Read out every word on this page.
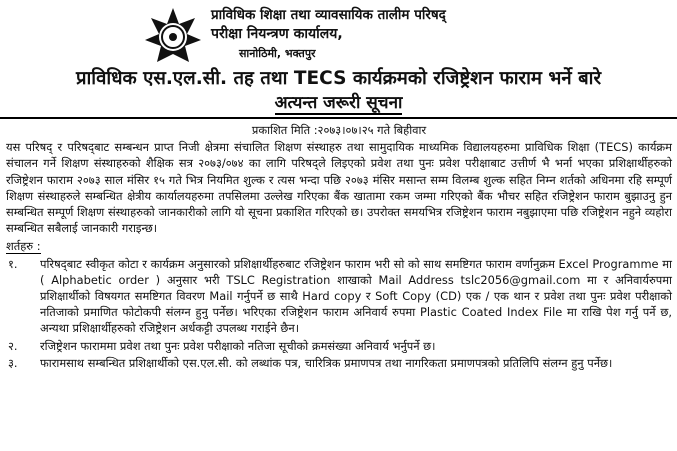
प्राविधिक शिक्षा तथा व्यावसायिक तालीम परिषद्
परीक्षा नियन्त्रण कार्यालय,
सानोठिमी, भक्तपुर
प्राविधिक एस.एल.सी. तह तथा TECS कार्यक्रमको रजिष्ट्रेशन फाराम भर्ने बारे
अत्यन्त जरूरी सूचना

प्रकाशित मिति :२०७३।०७।२५ गते बिहीवार

यस परिषद् र परिषद्‌बाट सम्बन्धन प्राप्त निजी क्षेत्रमा संचालित शिक्षण संस्थाहरु तथा सामुदायिक माध्यमिक विद्यालयहरुमा प्राविधिक शिक्षा (TECS) कार्यक्रम संचालन गर्ने शिक्षण संस्थाहरुको शैक्षिक सत्र २०७३/०७४ का लागि परिषद्ले लिइएको प्रवेश तथा पुनः प्रवेश परीक्षाबाट उत्तीर्ण भै भर्ना भएका प्रशिक्षार्थीहरुको रजिष्ट्रेशन फाराम २०७३ साल मंसिर १५ गते भित्र नियमित शुल्क र त्यस भन्दा पछि २०७३ मंसिर मसान्त सम्म विलम्ब शुल्क सहित निम्न शर्तको अधिनमा रहि सम्पूर्ण शिक्षण संस्थाहरुले सम्बन्धित क्षेत्रीय कार्यालयहरुमा तपसिलमा उल्लेख गरिएका बैंक खातामा रकम जम्मा गरिएको बैंक भौचर सहित रजिष्ट्रेशन फाराम बुझाउनु हुन सम्बन्धित सम्पूर्ण शिक्षण संस्थाहरुको जानकारीको लागि यो सूचना प्रकाशित गरिएको छ। उपरोक्त समयभित्र रजिष्ट्रेशन फाराम नबुझाएमा पछि रजिष्ट्रेशन नहुने व्यहोरा सम्बन्धित सबैलाई जानकारी गराइन्छ।

शर्तहरु :

१.	परिषद्‌बाट स्वीकृत कोटा र कार्यक्रम अनुसारको प्रशिक्षार्थीहरुबाट रजिष्ट्रेशन फाराम भरी सो को साथ समष्टिगत फाराम वर्णानुक्रम Excel Programme मा ( Alphabetic order ) अनुसार भरी TSLC Registration शाखाको Mail Address tslc2056@gmail.com मा र अनिवार्यरुपमा प्रशिक्षार्थीको विषयगत समष्टिगत विवरण Mail गर्नुपर्ने छ साथै Hard copy र Soft Copy (CD) एक / एक थान र प्रवेश तथा पुनः प्रवेश परीक्षाको नतिजाको प्रमाणित फोटोकपी संलग्न हुनु पर्नेछ। भरिएका रजिष्ट्रेशन फाराम अनिवार्य रुपमा Plastic Coated Index File मा राखि पेश गर्नु पर्ने छ, अन्यथा प्रशिक्षार्थीहरुको रजिष्ट्रेशन अर्धकट्टी उपलब्ध गराईने छैन।
२.	रजिष्ट्रेशन फाराममा प्रवेश तथा पुनः प्रवेश परीक्षाको नतिजा सूचीको क्रमसंख्या अनिवार्य भर्नुपर्ने छ।
३.	फारामसाथ सम्बन्धित प्रशिक्षार्थीको एस.एल.सी. को लब्धांक पत्र, चारित्रिक प्रमाणपत्र तथा नागरिकता प्रमाणपत्रको प्रतिलिपि संलग्न हुनु पर्नेछ।
